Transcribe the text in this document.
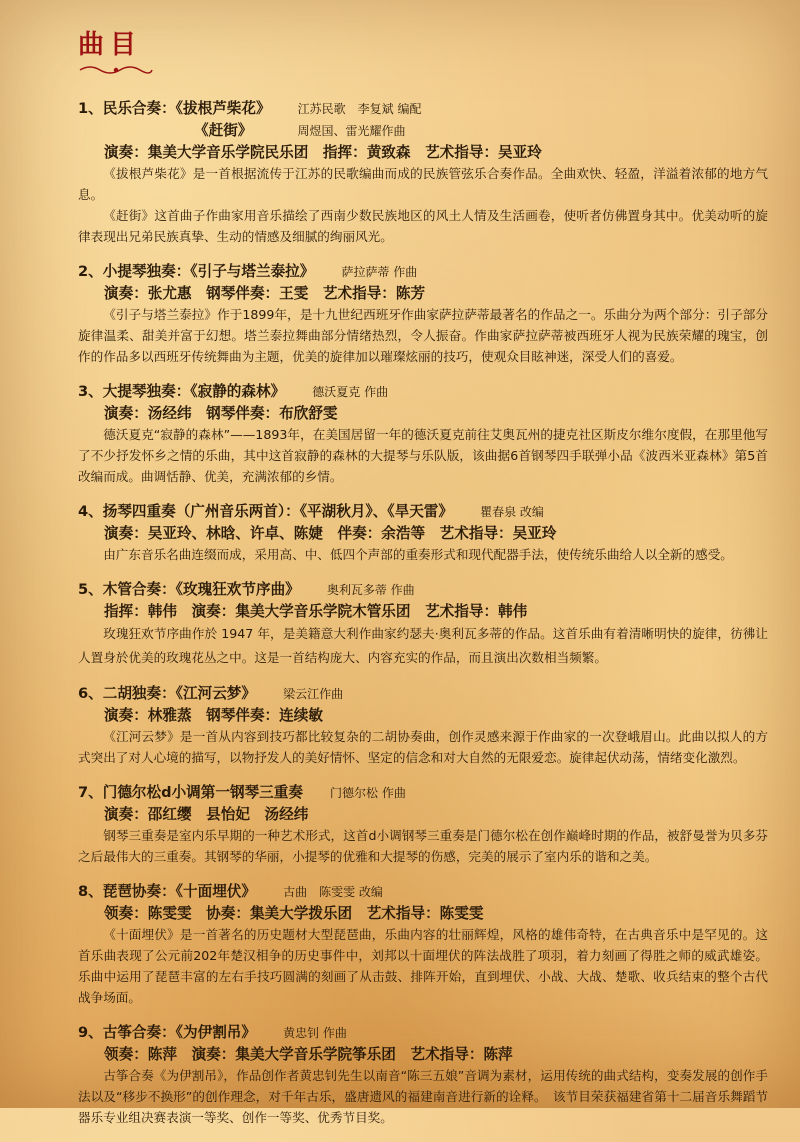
曲目
1、民乐合奏：《拔根芦柴花》 江苏民歌　李复斌 编配
《赶街》	周煜国、雷光耀作曲
演奏：集美大学音乐学院民乐团　指挥：黄致森　艺术指导：吴亚玲
《拔根芦柴花》是一首根据流传于江苏的民歌编曲而成的民族管弦乐合奏作品。全曲欢快、轻盈，洋溢着浓郁的地方气息。
《赶街》这首曲子作曲家用音乐描绘了西南少数民族地区的风土人情及生活画卷，使听者仿佛置身其中。优美动听的旋律表现出兄弟民族真挚、生动的情感及细腻的绚丽风光。
2、小提琴独奏：《引子与塔兰泰拉》 萨拉萨蒂 作曲
演奏：张尤惠　钢琴伴奏：王雯　艺术指导：陈芳
《引子与塔兰泰拉》作于1899年，是十九世纪西班牙作曲家萨拉萨蒂最著名的作品之一。乐曲分为两个部分：引子部分旋律温柔、甜美并富于幻想。塔兰泰拉舞曲部分情绪热烈，令人振奋。作曲家萨拉萨蒂被西班牙人视为民族荣耀的瑰宝，创作的作品多以西班牙传统舞曲为主题，优美的旋律加以璀璨炫丽的技巧，使观众目眩神迷，深受人们的喜爱。
3、大提琴独奏：《寂静的森林》 德沃夏克 作曲
演奏：汤经纬　钢琴伴奏：布欣舒雯
德沃夏克“寂静的森林”——1893年，在美国居留一年的德沃夏克前往艾奥瓦州的捷克社区斯皮尔维尔度假，在那里他写了不少抒发怀乡之情的乐曲，其中这首寂静的森林的大提琴与乐队版，该曲据6首钢琴四手联弹小品《波西米亚森林》第5首改编而成。曲调恬静、优美，充满浓郁的乡情。
4、扬琴四重奏（广州音乐两首）：《平湖秋月》、《旱天雷》 瞿春泉 改编
演奏：吴亚玲、林晗、许卓、陈婕　伴奏：余浩等　艺术指导：吴亚玲
由广东音乐名曲连缀而成，采用高、中、低四个声部的重奏形式和现代配器手法，使传统乐曲给人以全新的感受。
5、木管合奏：《玫瑰狂欢节序曲》 奥利瓦多蒂 作曲
指挥：韩伟　演奏：集美大学音乐学院木管乐团　艺术指导：韩伟
玫瑰狂欢节序曲作於 1947 年，是美籍意大利作曲家约瑟夫·奥利瓦多蒂的作品。这首乐曲有着清晰明快的旋律，彷彿让人置身於优美的玫瑰花丛之中。这是一首结构庞大、内容充实的作品，而且演出次数相当频繁。
6、二胡独奏：《江河云梦》 梁云江作曲
演奏：林雅蒸　钢琴伴奏：连续敏
《江河云梦》是一首从内容到技巧都比较复杂的二胡协奏曲，创作灵感来源于作曲家的一次登峨眉山。此曲以拟人的方式突出了对人心境的描写，以物抒发人的美好情怀、坚定的信念和对大自然的无限爱恋。旋律起伏动荡，情绪变化激烈。
7、门德尔松d小调第一钢琴三重奏 门德尔松 作曲
演奏：邵红缨　县怡妃　汤经纬
钢琴三重奏是室内乐早期的一种艺术形式，这首d小调钢琴三重奏是门德尔松在创作巅峰时期的作品，被舒曼誉为贝多芬之后最伟大的三重奏。其钢琴的华丽，小提琴的优雅和大提琴的伤感，完美的展示了室内乐的谐和之美。
8、琵琶协奏：《十面埋伏》 古曲　陈雯雯 改编
领奏：陈雯雯　协奏：集美大学拨乐团　艺术指导：陈雯雯
《十面埋伏》是一首著名的历史题材大型琵琶曲，乐曲内容的壮丽辉煌，风格的雄伟奇特，在古典音乐中是罕见的。这首乐曲表现了公元前202年楚汉相争的历史事件中，刘邦以十面埋伏的阵法战胜了项羽，着力刻画了得胜之师的威武雄姿。乐曲中运用了琵琶丰富的左右手技巧圆满的刻画了从击鼓、排阵开始，直到埋伏、小战、大战、楚歌、收兵结束的整个古代战争场面。
9、古筝合奏：《为伊割吊》 黄忠钊 作曲
领奏：陈萍　演奏：集美大学音乐学院筝乐团　艺术指导：陈萍
古筝合奏《为伊割吊》，作品创作者黄忠钊先生以南音“陈三五娘”音调为素材，运用传统的曲式结构，变奏发展的创作手法以及“移步不换形”的创作理念，对千年古乐，盛唐遗风的福建南音进行新的诠释。　该节目荣获福建省第十二届音乐舞蹈节器乐专业组决赛表演一等奖、创作一等奖、优秀节目奖。
